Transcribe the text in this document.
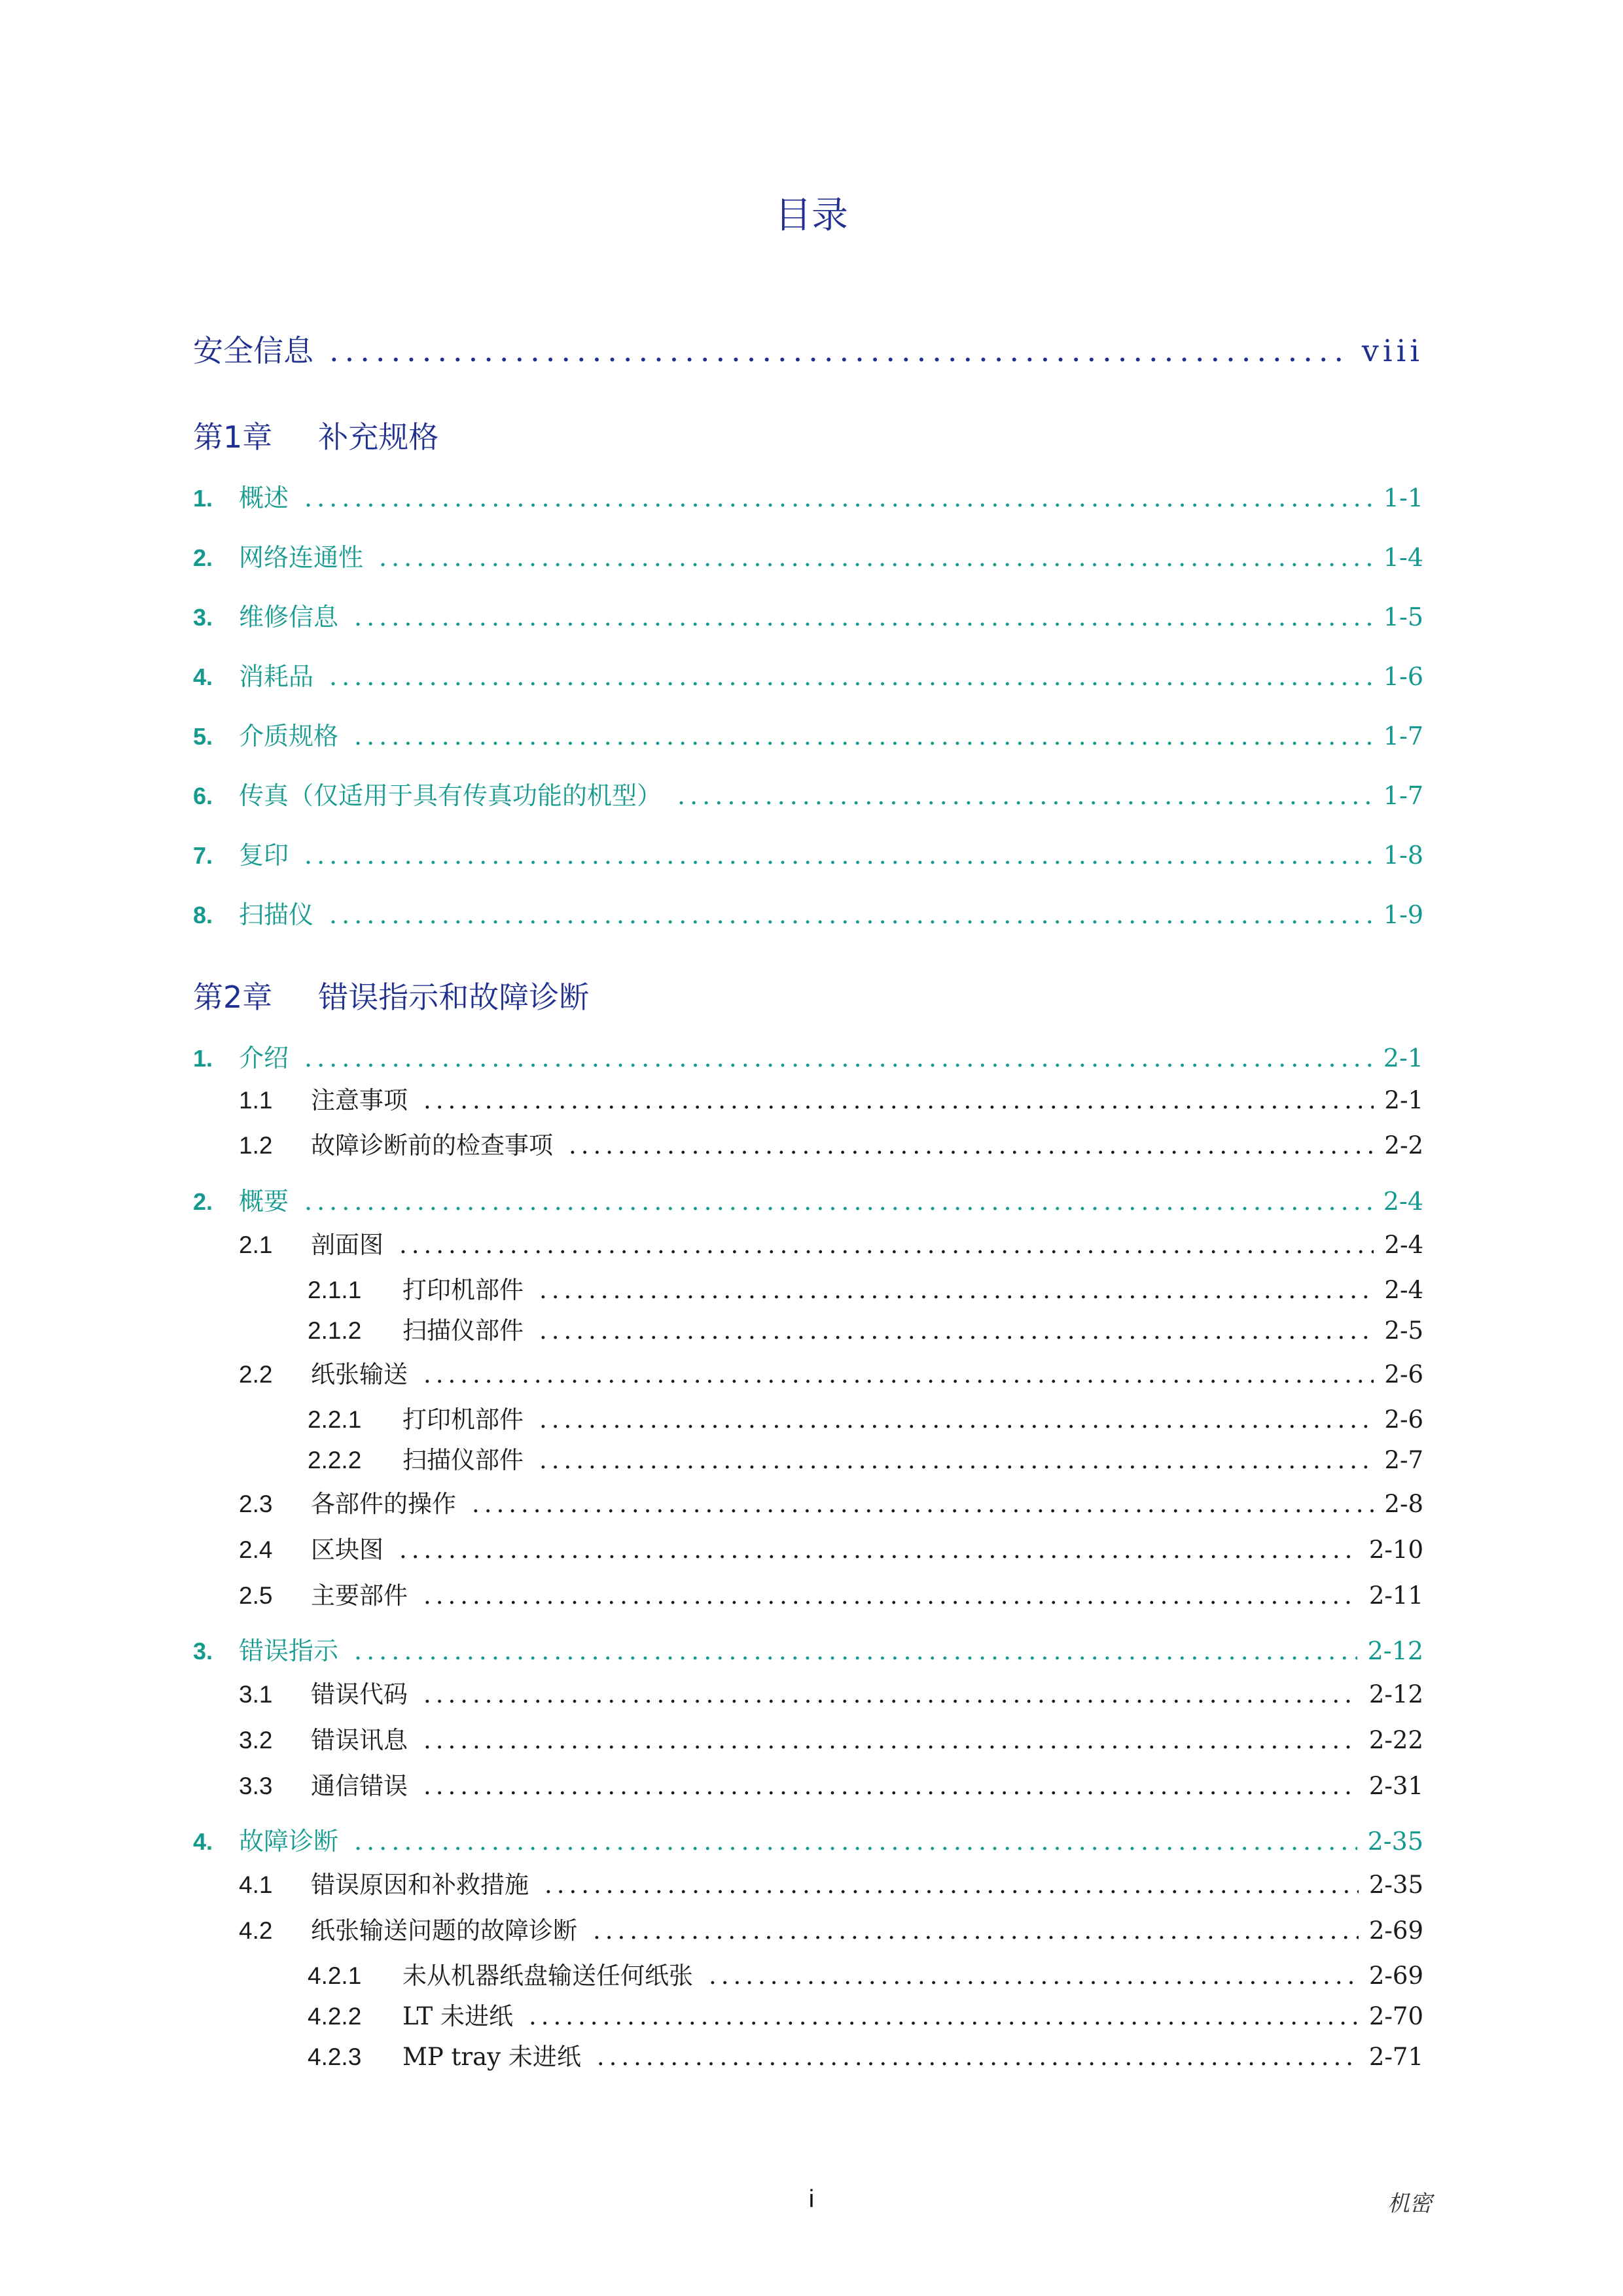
目录
安全信息 .....	viii
第1章 补充规格
1.	概述 .....	1-1
2.	网络连通性 .....	1-4
3.	维修信息 .....	1-5
4.	消耗品 .....	1-6
5.	介质规格 .....	1-7
6.	传真（仅适用于具有传真功能的机型） .....	1-7
7.	复印 .....	1-8
8.	扫描仪 .....	1-9
第2章 错误指示和故障诊断
1.	介绍 .....	2-1
1.1	注意事项 .....	2-1
1.2	故障诊断前的检查事项 .....	2-2
2.	概要 .....	2-4
2.1	剖面图 .....	2-4
2.1.1	打印机部件 .....	2-4
2.1.2	扫描仪部件 .....	2-5
2.2	纸张输送 .....	2-6
2.2.1	打印机部件 .....	2-6
2.2.2	扫描仪部件 .....	2-7
2.3	各部件的操作 .....	2-8
2.4	区块图 .....	2-10
2.5	主要部件 .....	2-11
3.	错误指示 .....	2-12
3.1	错误代码 .....	2-12
3.2	错误讯息 .....	2-22
3.3	通信错误 .....	2-31
4.	故障诊断 .....	2-35
4.1	错误原因和补救措施 .....	2-35
4.2	纸张输送问题的故障诊断 .....	2-69
4.2.1	未从机器纸盘输送任何纸张 .....	2-69
4.2.2	LT 未进纸 .....	2-70
4.2.3	MP tray 未进纸 .....	2-71
i	机密
